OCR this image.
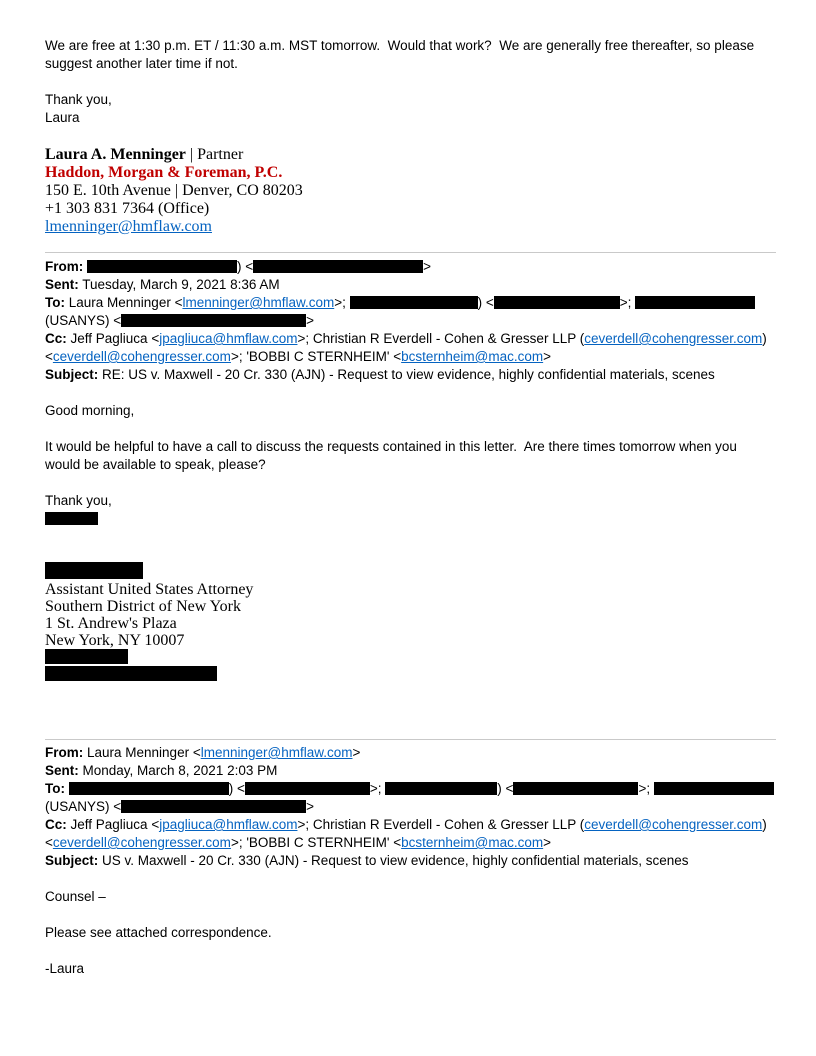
We are free at 1:30 p.m. ET / 11:30 a.m. MST tomorrow.  Would that work?  We are generally free thereafter, so please
suggest another later time if not.
Thank you,
Laura
Laura A. Menninger | Partner
Haddon, Morgan & Foreman, P.C.
150 E. 10th Avenue | Denver, CO 80203
+1 303 831 7364 (Office)
lmenninger@hmflaw.com
From:	) <	>
Sent: Tuesday, March 9, 2021 8:36 AM
To: Laura Menninger <lmenninger@hmflaw.com>;	) <	>;
(USANYS) <	>
Cc: Jeff Pagliuca <jpagliuca@hmflaw.com>; Christian R Everdell - Cohen & Gresser LLP (ceverdell@cohengresser.com)
<ceverdell@cohengresser.com>; 'BOBBI C STERNHEIM' <bcsternheim@mac.com>
Subject: RE: US v. Maxwell - 20 Cr. 330 (AJN) - Request to view evidence, highly confidential materials, scenes
Good morning,
It would be helpful to have a call to discuss the requests contained in this letter.  Are there times tomorrow when you
would be available to speak, please?
Thank you,
Assistant United States Attorney
Southern District of New York
1 St. Andrew's Plaza
New York, NY 10007
From: Laura Menninger <lmenninger@hmflaw.com>
Sent: Monday, March 8, 2021 2:03 PM
To:	) <	>;	) <	>;
(USANYS) <	>
Cc: Jeff Pagliuca <jpagliuca@hmflaw.com>; Christian R Everdell - Cohen & Gresser LLP (ceverdell@cohengresser.com)
<ceverdell@cohengresser.com>; 'BOBBI C STERNHEIM' <bcsternheim@mac.com>
Subject: US v. Maxwell - 20 Cr. 330 (AJN) - Request to view evidence, highly confidential materials, scenes
Counsel –
Please see attached correspondence.
-Laura
